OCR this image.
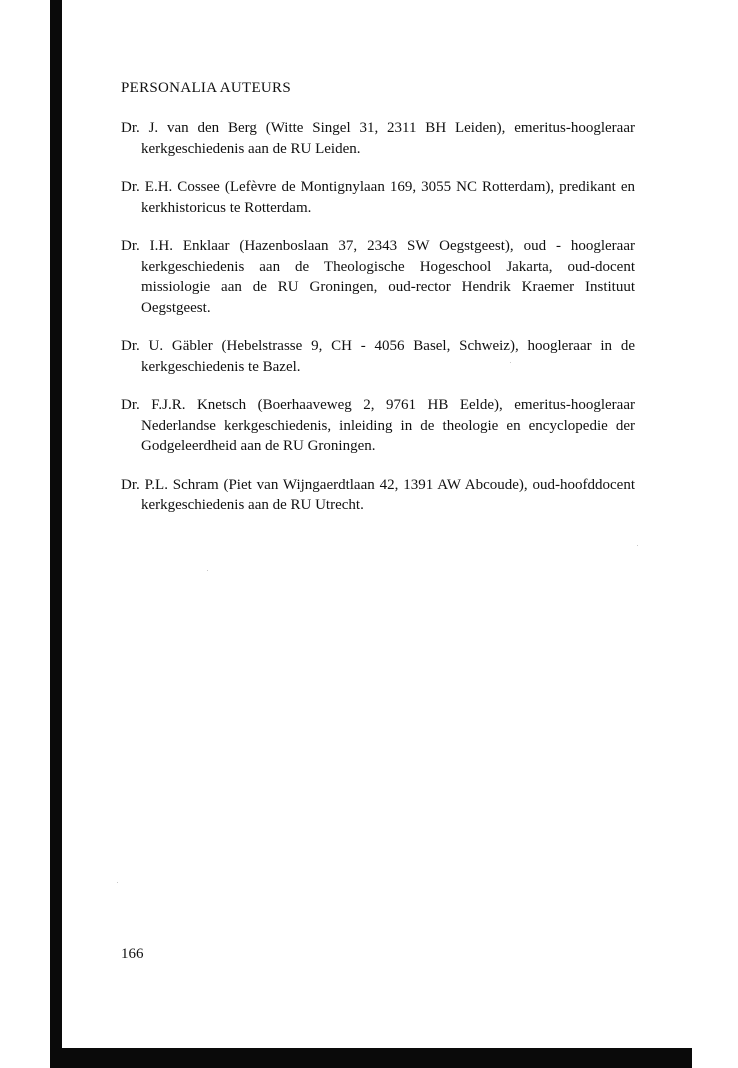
PERSONALIA AUTEURS
Dr. J. van den Berg (Witte Singel 31, 2311 BH Leiden), emeritus-hoogleraar kerkgeschiedenis aan de RU Leiden.
Dr. E.H. Cossee (Lefèvre de Montignylaan 169, 3055 NC Rotterdam), predikant en kerkhistoricus te Rotterdam.
Dr. I.H. Enklaar (Hazenboslaan 37, 2343 SW Oegstgeest), oud - hoogleraar kerkgeschiedenis aan de Theologische Hogeschool Jakarta, oud-docent missiologie aan de RU Groningen, oud-rector Hendrik Kraemer Instituut Oegstgeest.
Dr. U. Gäbler (Hebelstrasse 9, CH - 4056 Basel, Schweiz), hoogleraar in de kerkgeschiedenis te Bazel.
Dr. F.J.R. Knetsch (Boerhaaveweg 2, 9761 HB Eelde), emeritus-hoogleraar Nederlandse kerkgeschiedenis, inleiding in de theologie en encyclopedie der Godgeleerdheid aan de RU Groningen.
Dr. P.L. Schram (Piet van Wijngaerdtlaan 42, 1391 AW Abcoude), oud-hoofddocent kerkgeschiedenis aan de RU Utrecht.
166
